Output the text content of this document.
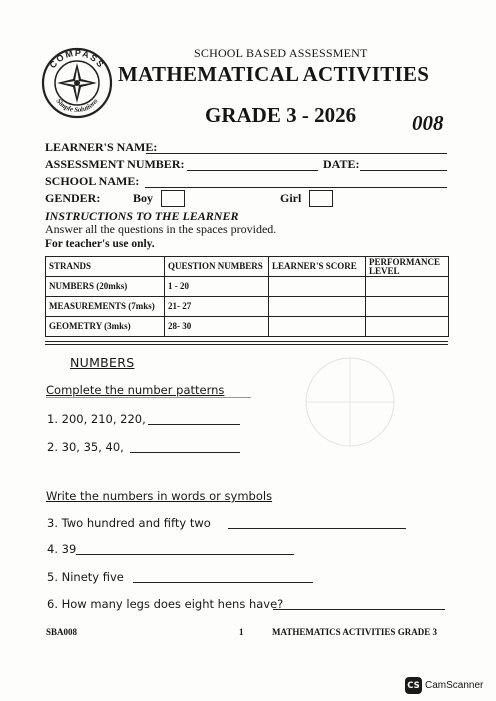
COMPASS
Simple Solutions
SCHOOL BASED ASSESSMENT
MATHEMATICAL ACTIVITIES
GRADE 3 - 2026	008
LEARNER'S NAME:
ASSESSMENT NUMBER:	DATE:
SCHOOL NAME:
GENDER:	Boy	Girl
INSTRUCTIONS TO THE LEARNER
Answer all the questions in the spaces provided.
For teacher's use only.
STRANDS	QUESTION NUMBERS	LEARNER'S SCORE	PERFORMANCE LEVEL
NUMBERS (20mks)	1 - 20		
MEASUREMENTS (7mks)	21- 27		
GEOMETRY (3mks)	28- 30		
NUMBERS
Complete the number patterns
1. 200, 210, 220,
2. 30, 35, 40,
Write the numbers in words or symbols
3. Two hundred and fifty two
4. 39
5. Ninety five
6. How many legs does eight hens have?
SBA008	1	MATHEMATICS ACTIVITIES GRADE 3
CS CamScanner
